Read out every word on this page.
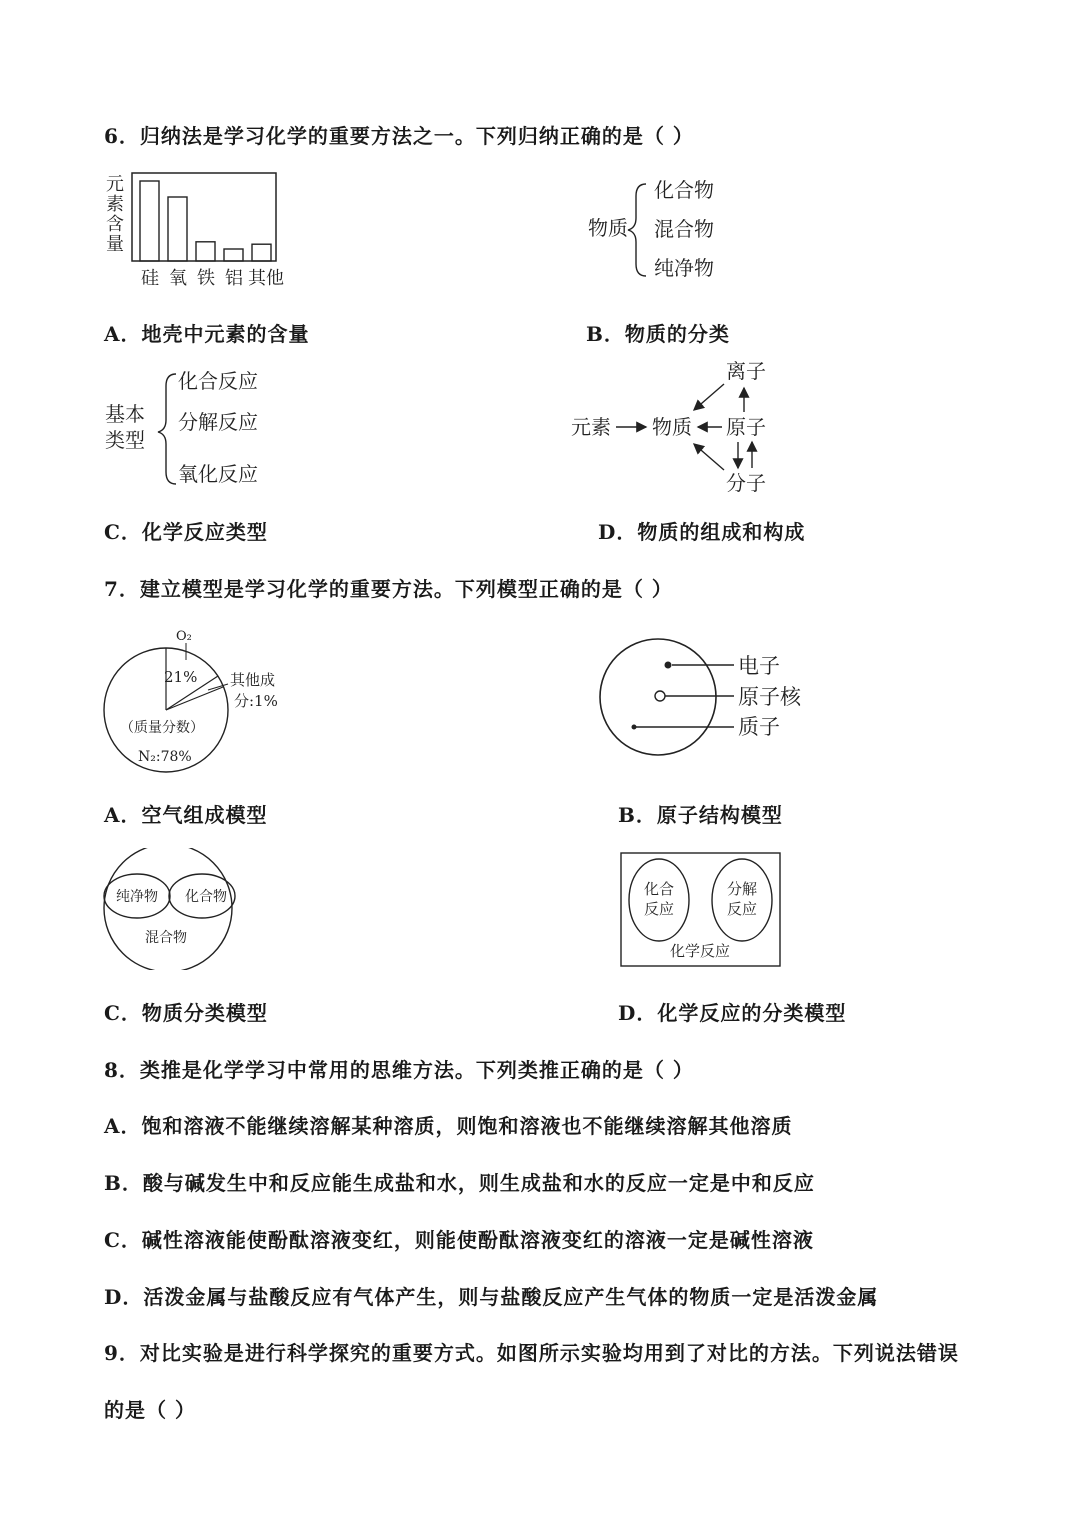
6．归纳法是学习化学的重要方法之一。下列归纳正确的是（ ）
元
素
含
量
硅 氧 铁 铝 其他
A．地壳中元素的含量
物质
化合物
混合物
纯净物
B．物质的分类
基本
类型
化合反应
分解反应
氧化反应
C．化学反应类型
元素 物质
离子
原子
分子
D．物质的组成和构成
7．建立模型是学习化学的重要方法。下列模型正确的是（ ）
O₂
21% 其他成
分:1%
（质量分数）
N₂:78%
A．空气组成模型
电子
原子核
质子
B．原子结构模型
纯净物 化合物
混合物
C．物质分类模型
化合
反应
分解
反应
化学反应
D．化学反应的分类模型
8．类推是化学学习中常用的思维方法。下列类推正确的是（ ）
A．饱和溶液不能继续溶解某种溶质，则饱和溶液也不能继续溶解其他溶质
B．酸与碱发生中和反应能生成盐和水，则生成盐和水的反应一定是中和反应
C．碱性溶液能使酚酞溶液变红，则能使酚酞溶液变红的溶液一定是碱性溶液
D．活泼金属与盐酸反应有气体产生，则与盐酸反应产生气体的物质一定是活泼金属
9．对比实验是进行科学探究的重要方式。如图所示实验均用到了对比的方法。下列说法错误
的是（ ）
